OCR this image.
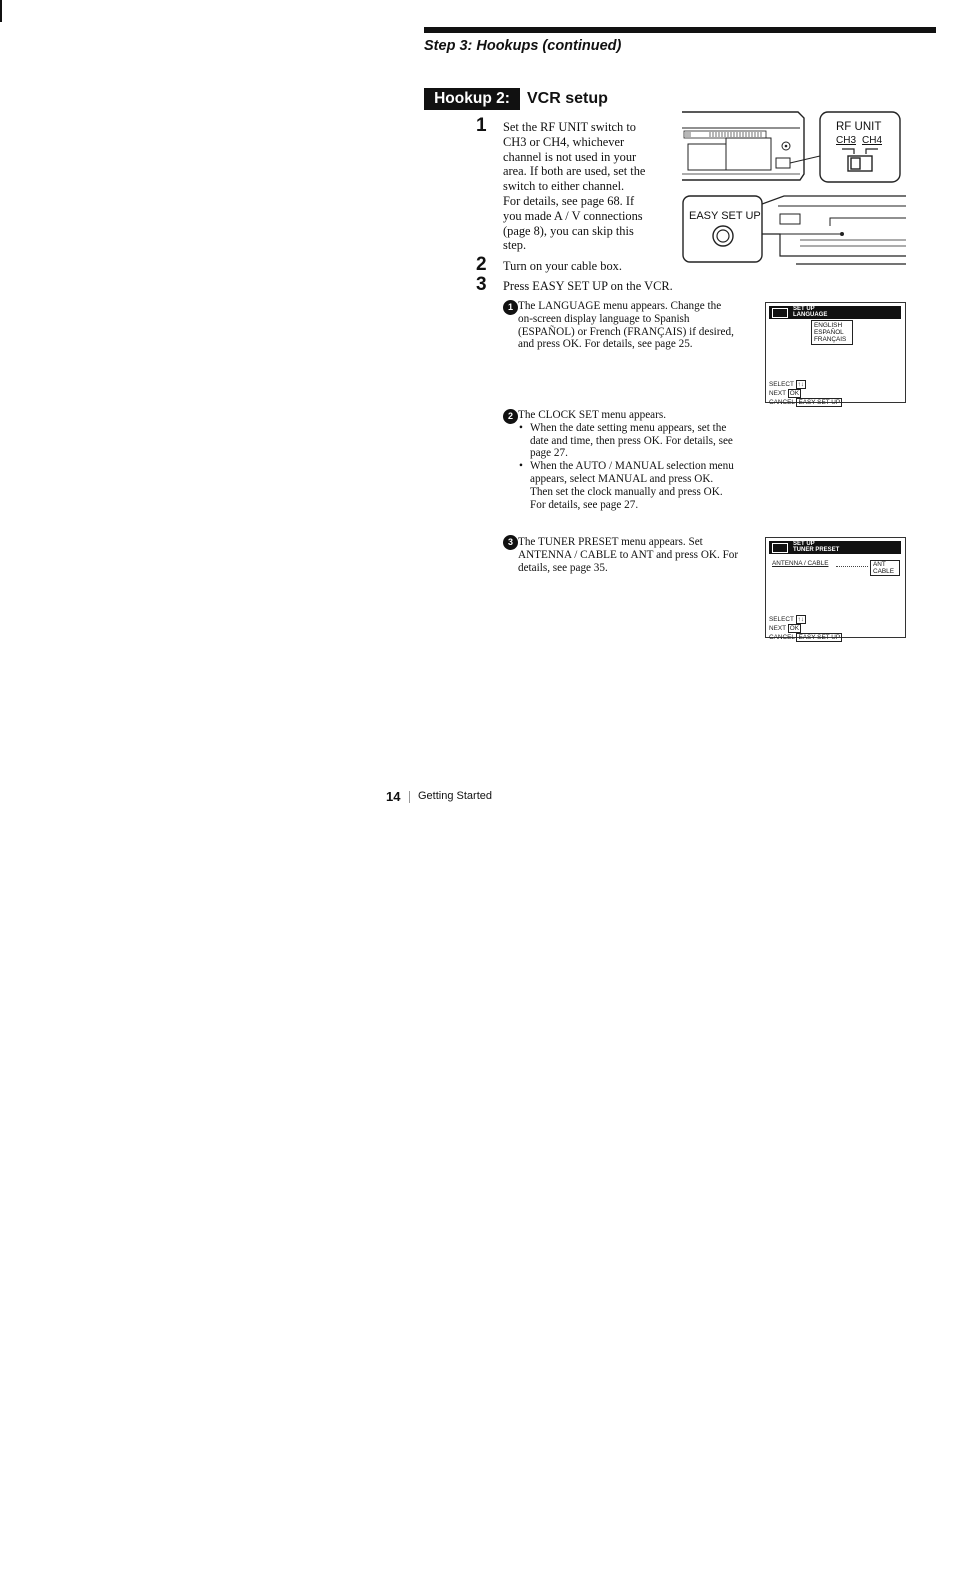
Step 3: Hookups (continued)
Hookup 2:	VCR setup
1 Set the RF UNIT switch to
CH3 or CH4, whichever
channel is not used in your
area. If both are used, set the
switch to either channel.
For details, see page 68. If
you made A / V connections
(page 8), you can skip this
step.
2 Turn on your cable box.
3 Press EASY SET UP on the VCR.
RF UNIT
CH3 CH4
EASY SET UP
1 The LANGUAGE menu appears. Change the
on-screen display language to Spanish
(ESPAÑOL) or French (FRANÇAIS) if desired,
and press OK. For details, see page 25.
SET UP
LANGUAGE
ENGLISH
ESPAÑOL
FRANÇAIS
SELECT ↑↓
NEXT OK
CANCEL EASY SET UP
2 The CLOCK SET menu appears.
• When the date setting menu appears, set the
date and time, then press OK. For details, see
page 27.
• When the AUTO / MANUAL selection menu
appears, select MANUAL and press OK.
Then set the clock manually and press OK.
For details, see page 27.
3 The TUNER PRESET menu appears. Set
ANTENNA / CABLE to ANT and press OK. For
details, see page 35.
SET UP
TUNER PRESET
ANTENNA / CABLE	ANT
CABLE
SELECT ↑↓
NEXT OK
CANCEL EASY SET UP
14 Getting Started
